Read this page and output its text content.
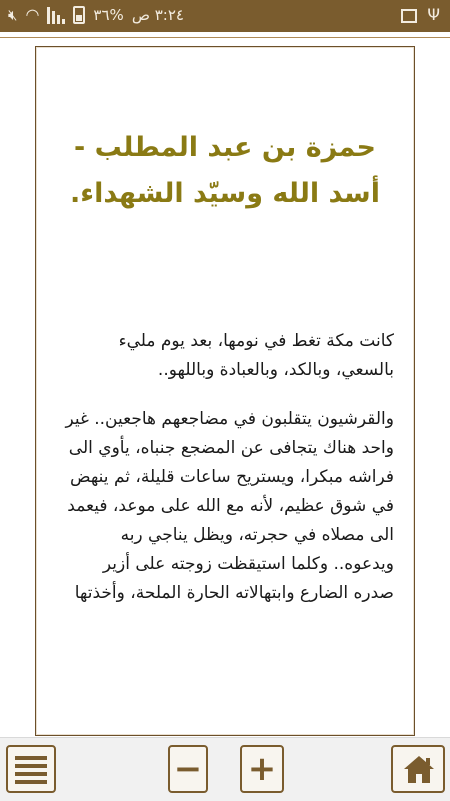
٣:٢٤ ص
%٣٦
◠
🔇︎	Ψ
حمزة بن عبد المطلب -
أسد الله وسيّد الشهداء.

كانت مكة تغط في نومها، بعد يوم مليء بالسعي، وبالكد، وبالعبادة وباللهو..

والقرشيون يتقلبون في مضاجعهم هاجعين.. غير واحد هناك يتجافى عن المضجع جنباه، يأوي الى فراشه مبكرا، ويستريح ساعات قليلة، ثم ينهض في شوق عظيم، لأنه مع الله على موعد، فيعمد الى مصلاه في حجرته، ويظل يناجي ربه ويدعوه.. وكلما استيقظت زوجته على أزير صدره الضارع وابتهالاته الحارة الملحة، وأخذتها

− +
